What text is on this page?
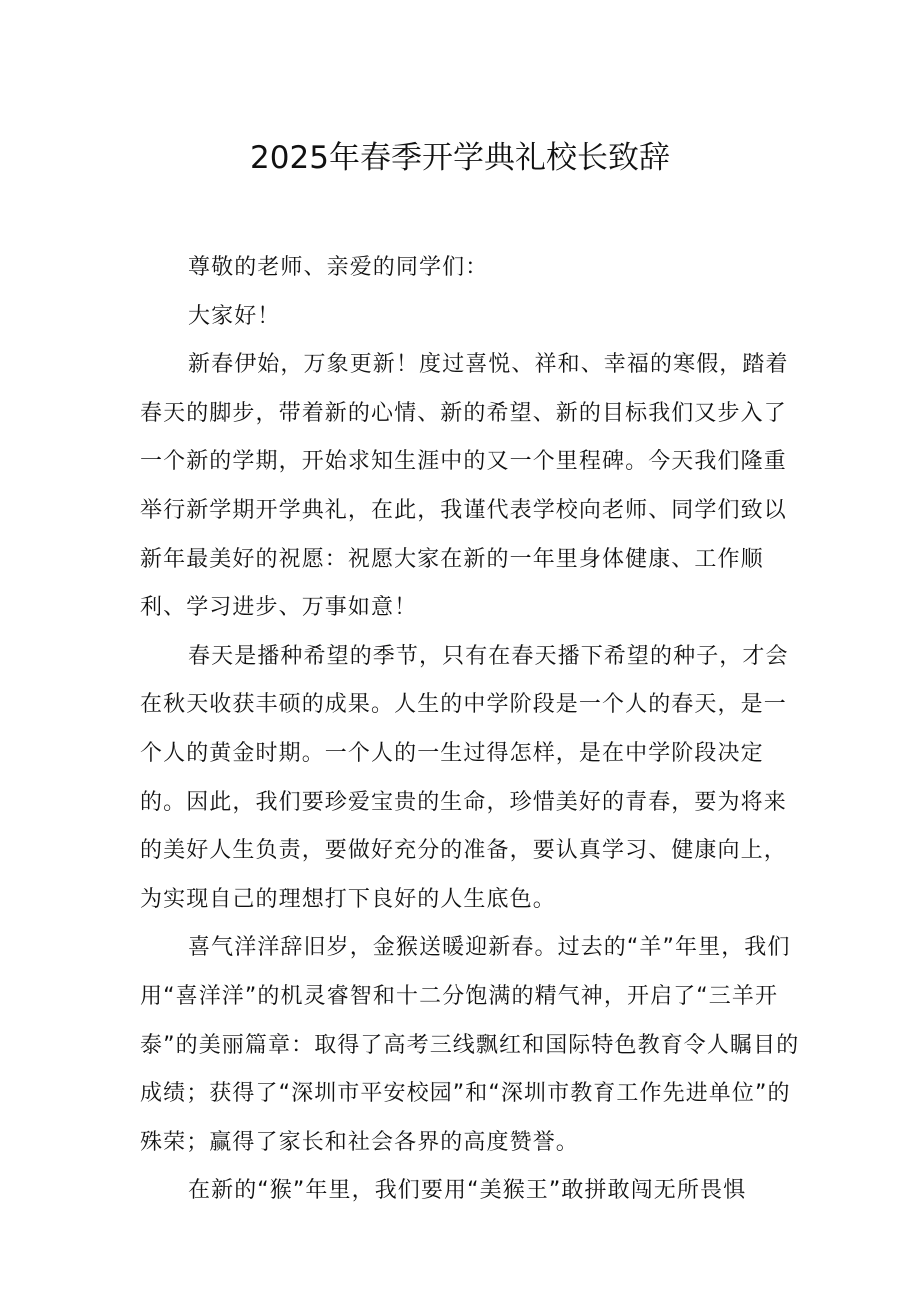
2025年春季开学典礼校长致辞

尊敬的老师、亲爱的同学们：

大家好！

新春伊始，万象更新！度过喜悦、祥和、幸福的寒假，踏着春天的脚步，带着新的心情、新的希望、新的目标我们又步入了一个新的学期，开始求知生涯中的又一个里程碑。今天我们隆重举行新学期开学典礼，在此，我谨代表学校向老师、同学们致以新年最美好的祝愿：祝愿大家在新的一年里身体健康、工作顺利、学习进步、万事如意！

春天是播种希望的季节，只有在春天播下希望的种子，才会在秋天收获丰硕的成果。人生的中学阶段是一个人的春天，是一个人的黄金时期。一个人的一生过得怎样，是在中学阶段决定的。因此，我们要珍爱宝贵的生命，珍惜美好的青春，要为将来的美好人生负责，要做好充分的准备，要认真学习、健康向上，为实现自己的理想打下良好的人生底色。

喜气洋洋辞旧岁，金猴送暖迎新春。过去的“羊”年里，我们用“喜洋洋”的机灵睿智和十二分饱满的精气神，开启了“三羊开泰”的美丽篇章：取得了高考三线飘红和国际特色教育令人瞩目的成绩；获得了“深圳市平安校园”和“深圳市教育工作先进单位”的殊荣；赢得了家长和社会各界的高度赞誉。

在新的“猴”年里，我们要用“美猴王”敢拼敢闯无所畏惧
